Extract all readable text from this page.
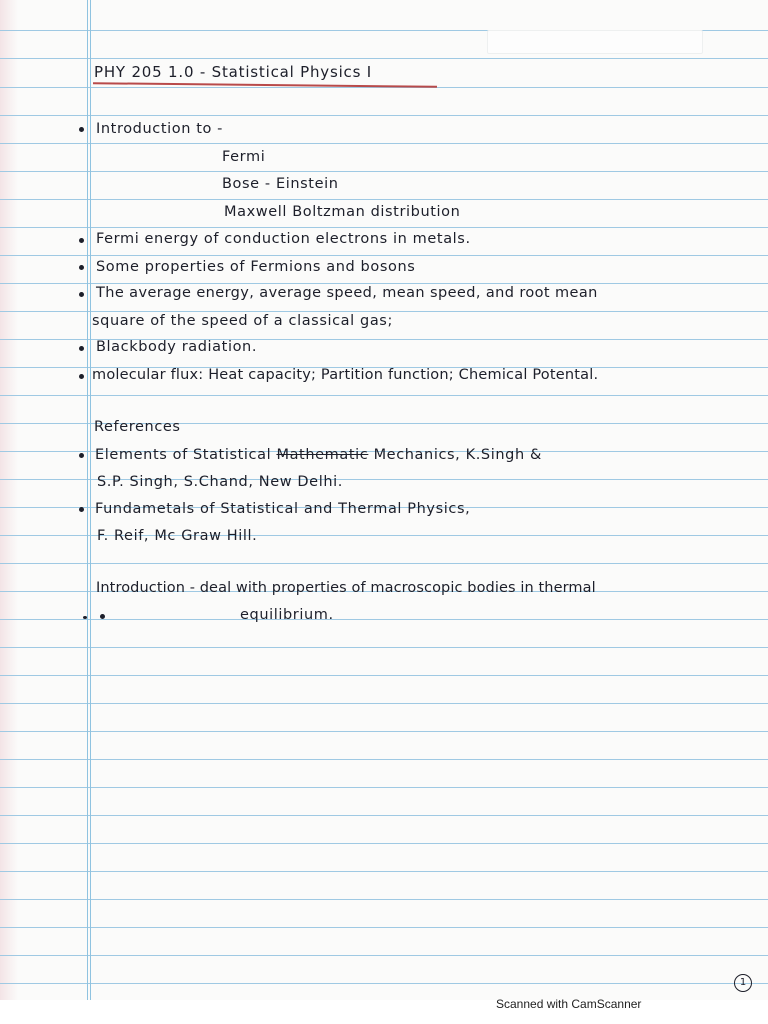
PHY 205 1.0 - Statistical Physics I
Introduction to -
Fermi
Bose - Einstein
Maxwell Boltzman distribution
Fermi energy of conduction electrons in metals.
Some properties of Fermions and bosons
The average energy, average speed, mean speed, and root mean
square of the speed of a classical gas;
Blackbody radiation.
molecular flux: Heat capacity; Partition function; Chemical Potental.
References
Elements of Statistical Mathematic Mechanics, K.Singh &
S.P. Singh, S.Chand, New Delhi.
Fundametals of Statistical and Thermal Physics,
F. Reif, Mc Graw Hill.
Introduction - deal with properties of macroscopic bodies in thermal
equilibrium.
1
Scanned with CamScanner
